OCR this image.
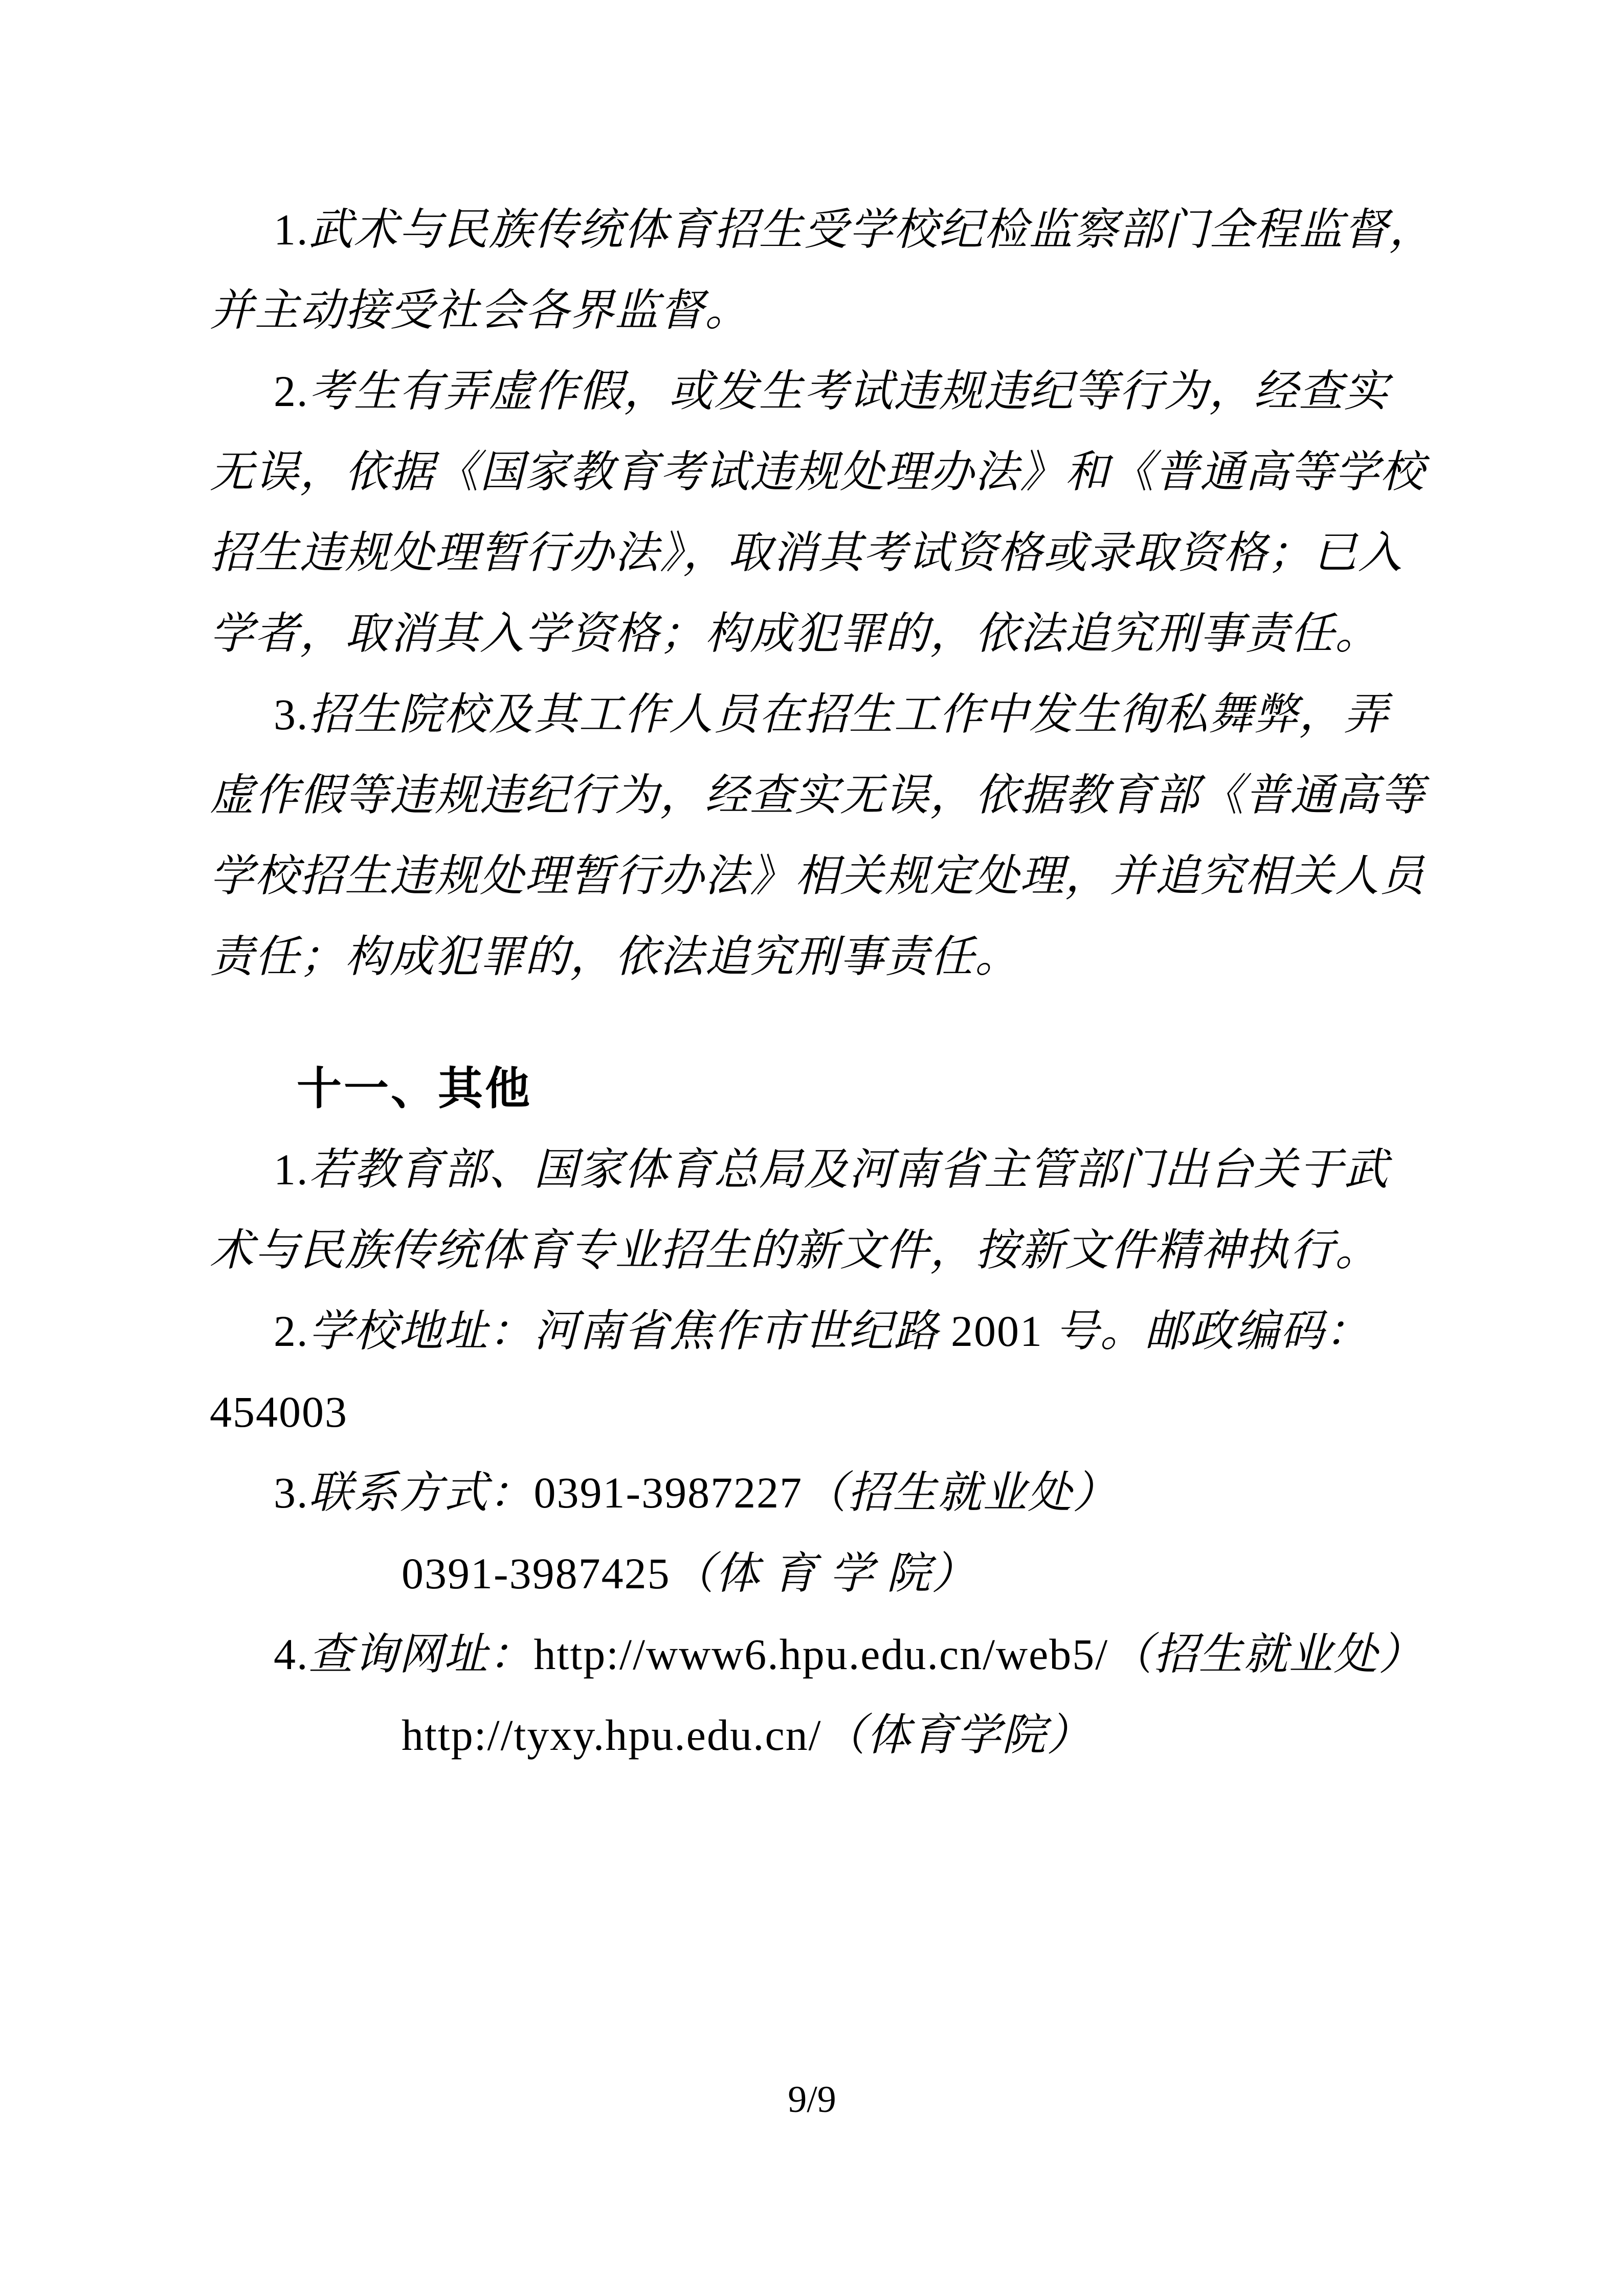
1.武术与民族传统体育招生受学校纪检监察部门全程监督，
并主动接受社会各界监督。
2.考生有弄虚作假，或发生考试违规违纪等行为，经查实
无误，依据《国家教育考试违规处理办法》和《普通高等学校
招生违规处理暂行办法》，取消其考试资格或录取资格；已入
学者，取消其入学资格；构成犯罪的，依法追究刑事责任。
3.招生院校及其工作人员在招生工作中发生徇私舞弊，弄
虚作假等违规违纪行为，经查实无误，依据教育部《普通高等
学校招生违规处理暂行办法》相关规定处理，并追究相关人员
责任；构成犯罪的，依法追究刑事责任。
十一、其他
1.若教育部、国家体育总局及河南省主管部门出台关于武
术与民族传统体育专业招生的新文件，按新文件精神执行。
2.学校地址：河南省焦作市世纪路 2001 号。邮政编码：
454003
3.联系方式：0391-3987227（招生就业处）
0391-3987425（体 育 学 院）
4.查询网址：http://www6.hpu.edu.cn/web5/（招生就业处）
http://tyxy.hpu.edu.cn/（体育学院）
9/9
